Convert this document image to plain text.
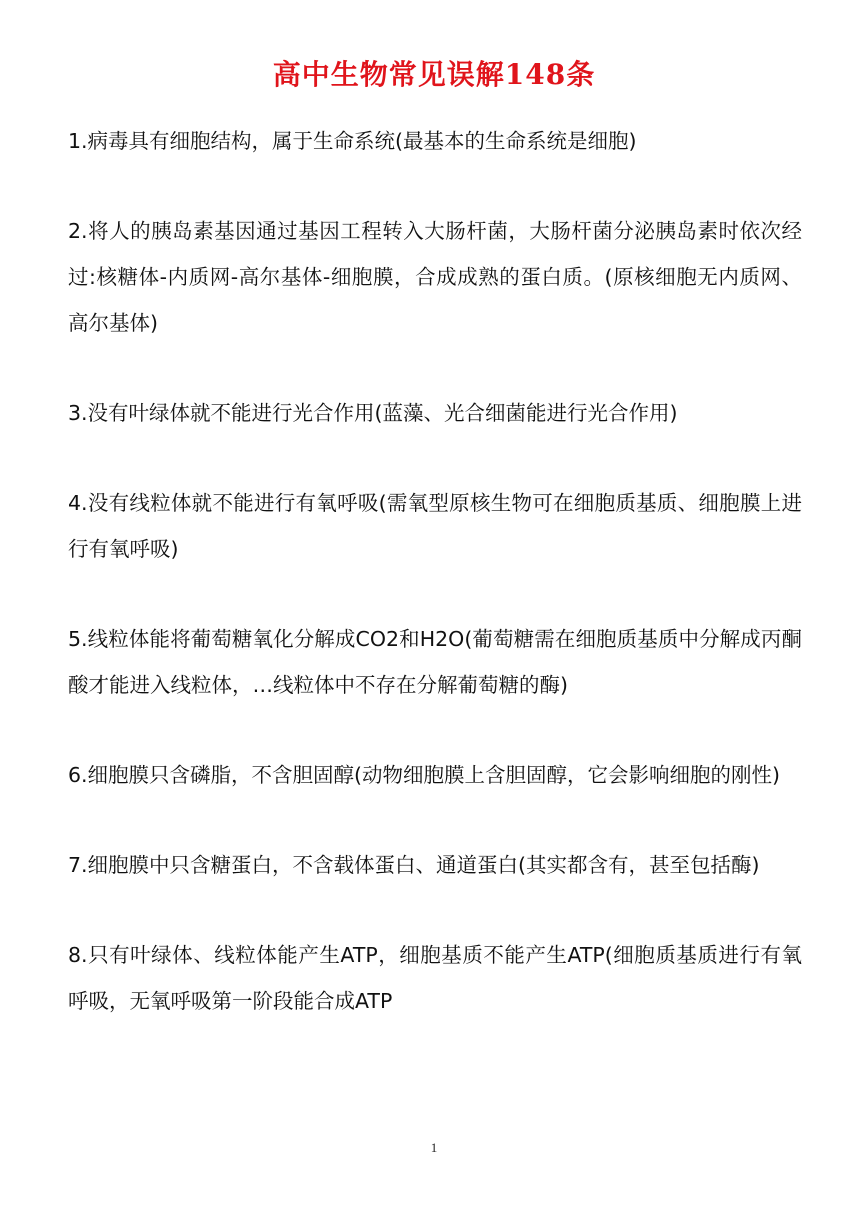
高中生物常见误解148条

1.病毒具有细胞结构，属于生命系统(最基本的生命系统是细胞)

2.将人的胰岛素基因通过基因工程转入大肠杆菌，大肠杆菌分泌胰岛素时依次经过:核糖体-内质网-高尔基体-细胞膜，合成成熟的蛋白质。(原核细胞无内质网、高尔基体)

3.没有叶绿体就不能进行光合作用(蓝藻、光合细菌能进行光合作用)

4.没有线粒体就不能进行有氧呼吸(需氧型原核生物可在细胞质基质、细胞膜上进行有氧呼吸)

5.线粒体能将葡萄糖氧化分解成CO2和H2O(葡萄糖需在细胞质基质中分解成丙酮酸才能进入线粒体，…线粒体中不存在分解葡萄糖的酶)

6.细胞膜只含磷脂，不含胆固醇(动物细胞膜上含胆固醇，它会影响细胞的刚性)

7.细胞膜中只含糖蛋白，不含载体蛋白、通道蛋白(其实都含有，甚至包括酶)

8.只有叶绿体、线粒体能产生ATP，细胞基质不能产生ATP(细胞质基质进行有氧呼吸，无氧呼吸第一阶段能合成ATP

1
